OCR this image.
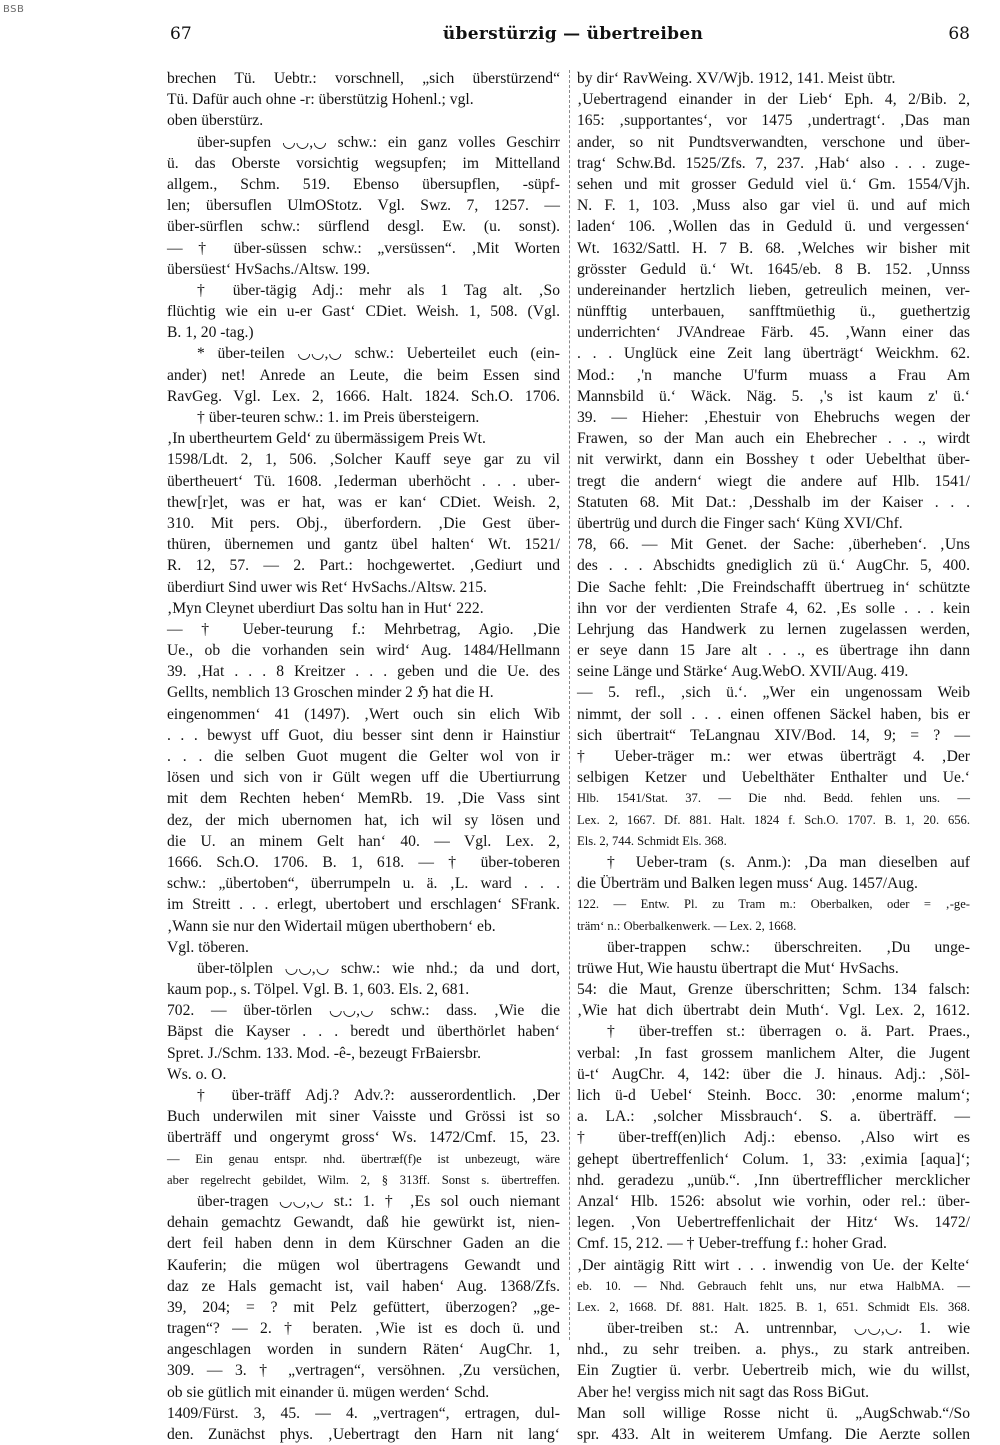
BSB
67	überstürzig — übertreiben	68
brechen Tü. Uebtr.: vorschnell, „sich überstürzend“
Tü. Dafür auch ohne -r: überstützig Hohenl.; vgl.
oben überstürz.
über-supfen ◡◡,◡ schw.: ein ganz volles Geschirr
ü. das Oberste vorsichtig wegsupfen; im Mittelland
allgem., Schm. 519. Ebenso übersupflen, -süpf-
len; übersuflen UlmOStotz. Vgl. Swz. 7, 1257. —
über-sürflen schw.: sürflend desgl. Ew. (u. sonst).
— † über-süssen schw.: „versüssen“. ‚Mit Worten
übersüest‘ HvSachs./Altsw. 199.
† über-tägig Adj.: mehr als 1 Tag alt. ‚So
flüchtig wie ein u-er Gast‘ CDiet. Weish. 1, 508. (Vgl.
B. 1, 20 -tag.)
* über-teilen ◡◡,◡ schw.: Ueberteilet euch (ein-
ander) net! Anrede an Leute, die beim Essen sind
RavGeg. Vgl. Lex. 2, 1666. Halt. 1824. Sch.O. 1706.
† über-teuren schw.: 1. im Preis übersteigern.
‚In ubertheurtem Geld‘ zu übermässigem Preis Wt.
1598/Ldt. 2, 1, 506. ‚Solcher Kauff seye gar zu vil
übertheuert‘ Tü. 1608. ‚Iederman uberhöcht . . . uber-
thew[r]et, was er hat, was er kan‘ CDiet. Weish. 2,
310. Mit pers. Obj., überfordern. ‚Die Gest über-
thüren, übernemen und gantz übel halten‘ Wt. 1521/
R. 12, 57. — 2. Part.: hochgewertet. ‚Gediurt und
überdiurt Sind uwer wis Ret‘ HvSachs./Altsw. 215.
‚Myn Cleynet uberdiurt Das soltu han in Hut‘ 222.
— † Ueber-teurung f.: Mehrbetrag, Agio. ‚Die
Ue., ob die vorhanden sein wird‘ Aug. 1484/Hellmann
39. ‚Hat . . . 8 Kreitzer . . . geben und die Ue. des
Gellts, nemblich 13 Groschen minder 2 ℌ hat die H.
eingenommen‘ 41 (1497). ‚Wert ouch sin elich Wib
. . . bewyst uff Guot, diu besser sint denn ir Hainstiur
. . . die selben Guot mugent die Gelter wol von ir
lösen und sich von ir Gült wegen uff die Ubertiurrung
mit dem Rechten heben‘ MemRb. 19. ‚Die Vass sint
dez, der mich ubernomen hat, ich wil sy lösen und
die U. an minem Gelt han‘ 40. — Vgl. Lex. 2,
1666. Sch.O. 1706. B. 1, 618. — † über-toberen
schw.: „übertoben“, überrumpeln u. ä. ‚L. ward . . .
im Streitt . . . erlegt, ubertobert und erschlagen‘ SFrank.
‚Wann sie nur den Widertail mügen uberthobern‘ eb.
Vgl. töberen.
über-tölplen ◡◡,◡ schw.: wie nhd.; da und dort,
kaum pop., s. Tölpel. Vgl. B. 1, 603. Els. 2, 681.
702. — über-törlen ◡◡,◡ schw.: dass. ‚Wie die
Bäpst die Kayser . . . beredt und überthörlet haben‘
Spret. J./Schm. 133. Mod. -ê-, bezeugt FrBaiersbr.
Ws. o. O.
† über-träff Adj.? Adv.?: ausserordentlich. ‚Der
Buch underwilen mit siner Vaisste und Grössi ist so
überträff und ongerymt gross‘ Ws. 1472/Cmf. 15, 23.
— Ein genau entspr. nhd. übertræf(f)e ist unbezeugt, wäre
aber regelrecht gebildet, Wilm. 2, § 313ff. Sonst s. übertreffen.
über-tragen ◡◡,◡ st.: 1. † ‚Es sol ouch niemant
dehain gemachtz Gewandt, daß hie gewürkt ist, nien-
dert feil haben denn in dem Kürschner Gaden an die
Kauferin; die mügen wol übertragens Gewandt und
daz ze Hals gemacht ist, vail haben‘ Aug. 1368/Zfs.
39, 204; = ? mit Pelz gefüttert, überzogen? „ge-
tragen“? — 2. † beraten. ‚Wie ist es doch ü. und
angeschlagen worden in sundern Räten‘ AugChr. 1,
309. — 3. † „vertragen“, versöhnen. ‚Zu versüchen,
ob sie gütlich mit einander ü. mügen werden‘ Schd.
1409/Fürst. 3, 45. — 4. „vertragen“, ertragen, dul-
den. Zunächst phys. ‚Uebertragt den Harn nit lang‘
by dir‘ RavWeing. XV/Wjb. 1912, 141. Meist übtr.
‚Uebertragend einander in der Lieb‘ Eph. 4, 2/Bib. 2,
165: ‚supportantes‘, vor 1475 ‚undertragt‘. ‚Das man
ander, so nit Pundtsverwandten, verschone und über-
trag‘ Schw.Bd. 1525/Zfs. 7, 237. ‚Hab‘ also . . . zuge-
sehen und mit grosser Geduld viel ü.‘ Gm. 1554/Vjh.
N. F. 1, 103. ‚Muss also gar viel ü. und auf mich
laden‘ 106. ‚Wollen das in Geduld ü. und vergessen‘
Wt. 1632/Sattl. H. 7 B. 68. ‚Welches wir bisher mit
grösster Geduld ü.‘ Wt. 1645/eb. 8 B. 152. ‚Unnss
undereinander hertzlich lieben, getreulich meinen, ver-
nünfftig unterbauen, sanfftmüethig ü., guethertzig
underrichten‘ JVAndreae Färb. 45. ‚Wann einer das
. . . Unglück eine Zeit lang überträgt‘ Weickhm. 62.
Mod.: ‚'n manche U'furm muass a Frau Am
Mannsbild ü.‘ Wäck. Näg. 5. ‚'s ist kaum z' ü.‘
39. — Hieher: ‚Ehestuir von Ehebruchs wegen der
Frawen, so der Man auch ein Ehebrecher . . ., wirdt
nit verwirkt, dann ein Bosshey t oder Uebelthat über-
tregt die andern‘ wiegt die andere auf Hlb. 1541/
Statuten 68. Mit Dat.: ‚Desshalb im der Kaiser . . .
übertrüg und durch die Finger sach‘ Küng XVI/Chf.
78, 66. — Mit Genet. der Sache: ‚überheben‘. ‚Uns
des . . . Abschidts gnediglich zü ü.‘ AugChr. 5, 400.
Die Sache fehlt: ‚Die Freindschafft übertrueg in‘ schützte
ihn vor der verdienten Strafe 4, 62. ‚Es solle . . . kein
Lehrjung das Handwerk zu lernen zugelassen werden,
er seye dann 15 Jare alt . . ., es übertrage ihn dann
seine Länge und Stärke‘ Aug.WebO. XVII/Aug. 419.
— 5. refl., ‚sich ü.‘. „Wer ein ungenossam Weib
nimmt, der soll . . . einen offenen Säckel haben, bis er
sich übertrait“ TeLangnau XIV/Bod. 14, 9; = ? —
† Ueber-träger m.: wer etwas überträgt 4. ‚Der
selbigen Ketzer und Uebelthäter Enthalter und Ue.‘
Hlb. 1541/Stat. 37. — Die nhd. Bedd. fehlen uns. —
Lex. 2, 1667. Df. 881. Halt. 1824 f. Sch.O. 1707. B. 1, 20. 656.
Els. 2, 744. Schmidt Els. 368.
† Ueber-tram (s. Anm.): ‚Da man dieselben auf
die Überträm und Balken legen muss‘ Aug. 1457/Aug.
122. — Entw. Pl. zu Tram m.: Oberbalken, oder = ‚-ge-
träm‘ n.: Oberbalkenwerk. — Lex. 2, 1668.
über-trappen schw.: überschreiten. ‚Du unge-
trüwe Hut, Wie haustu übertrapt die Mut‘ HvSachs.
54: die Maut, Grenze überschritten; Schm. 134 falsch:
‚Wie hat dich übertrabt dein Muth‘. Vgl. Lex. 2, 1612.
† über-treffen st.: überragen o. ä. Part. Praes.,
verbal: ‚In fast grossem manlichem Alter, die Jugent
ü-t‘ AugChr. 4, 142: über die J. hinaus. Adj.: ‚Söl-
lich ü-d Uebel‘ Steinh. Bocc. 30: ‚enorme malum‘;
a. LA.: ‚solcher Missbrauch‘. S. a. überträff. —
† über-treff(en)lich Adj.: ebenso. ‚Also wirt es
gehept übertreffenlich‘ Colum. 1, 33: ‚eximia [aqua]‘;
nhd. geradezu „unüb.“. ‚Inn übertrefflicher mercklicher
Anzal‘ Hlb. 1526: absolut wie vorhin, oder rel.: über-
legen. ‚Von Uebertreffenlichait der Hitz‘ Ws. 1472/
Cmf. 15, 212. — † Ueber-treffung f.: hoher Grad.
‚Der aintägig Ritt wirt . . . inwendig von Ue. der Kelte‘
eb. 10. — Nhd. Gebrauch fehlt uns, nur etwa HalbMA. —
Lex. 2, 1668. Df. 881. Halt. 1825. B. 1, 651. Schmidt Els. 368.
über-treiben st.: A. untrennbar, ◡◡,◡. 1. wie
nhd., zu sehr treiben. a. phys., zu stark antreiben.
Ein Zugtier ü. verbr. Uebertreib mich, wie du willst,
Aber he! vergiss mich nit sagt das Ross BiGut.
Man soll willige Rosse nicht ü. „AugSchwab.“/So
spr. 433. Alt in weiterem Umfang. Die Aerzte sollen
